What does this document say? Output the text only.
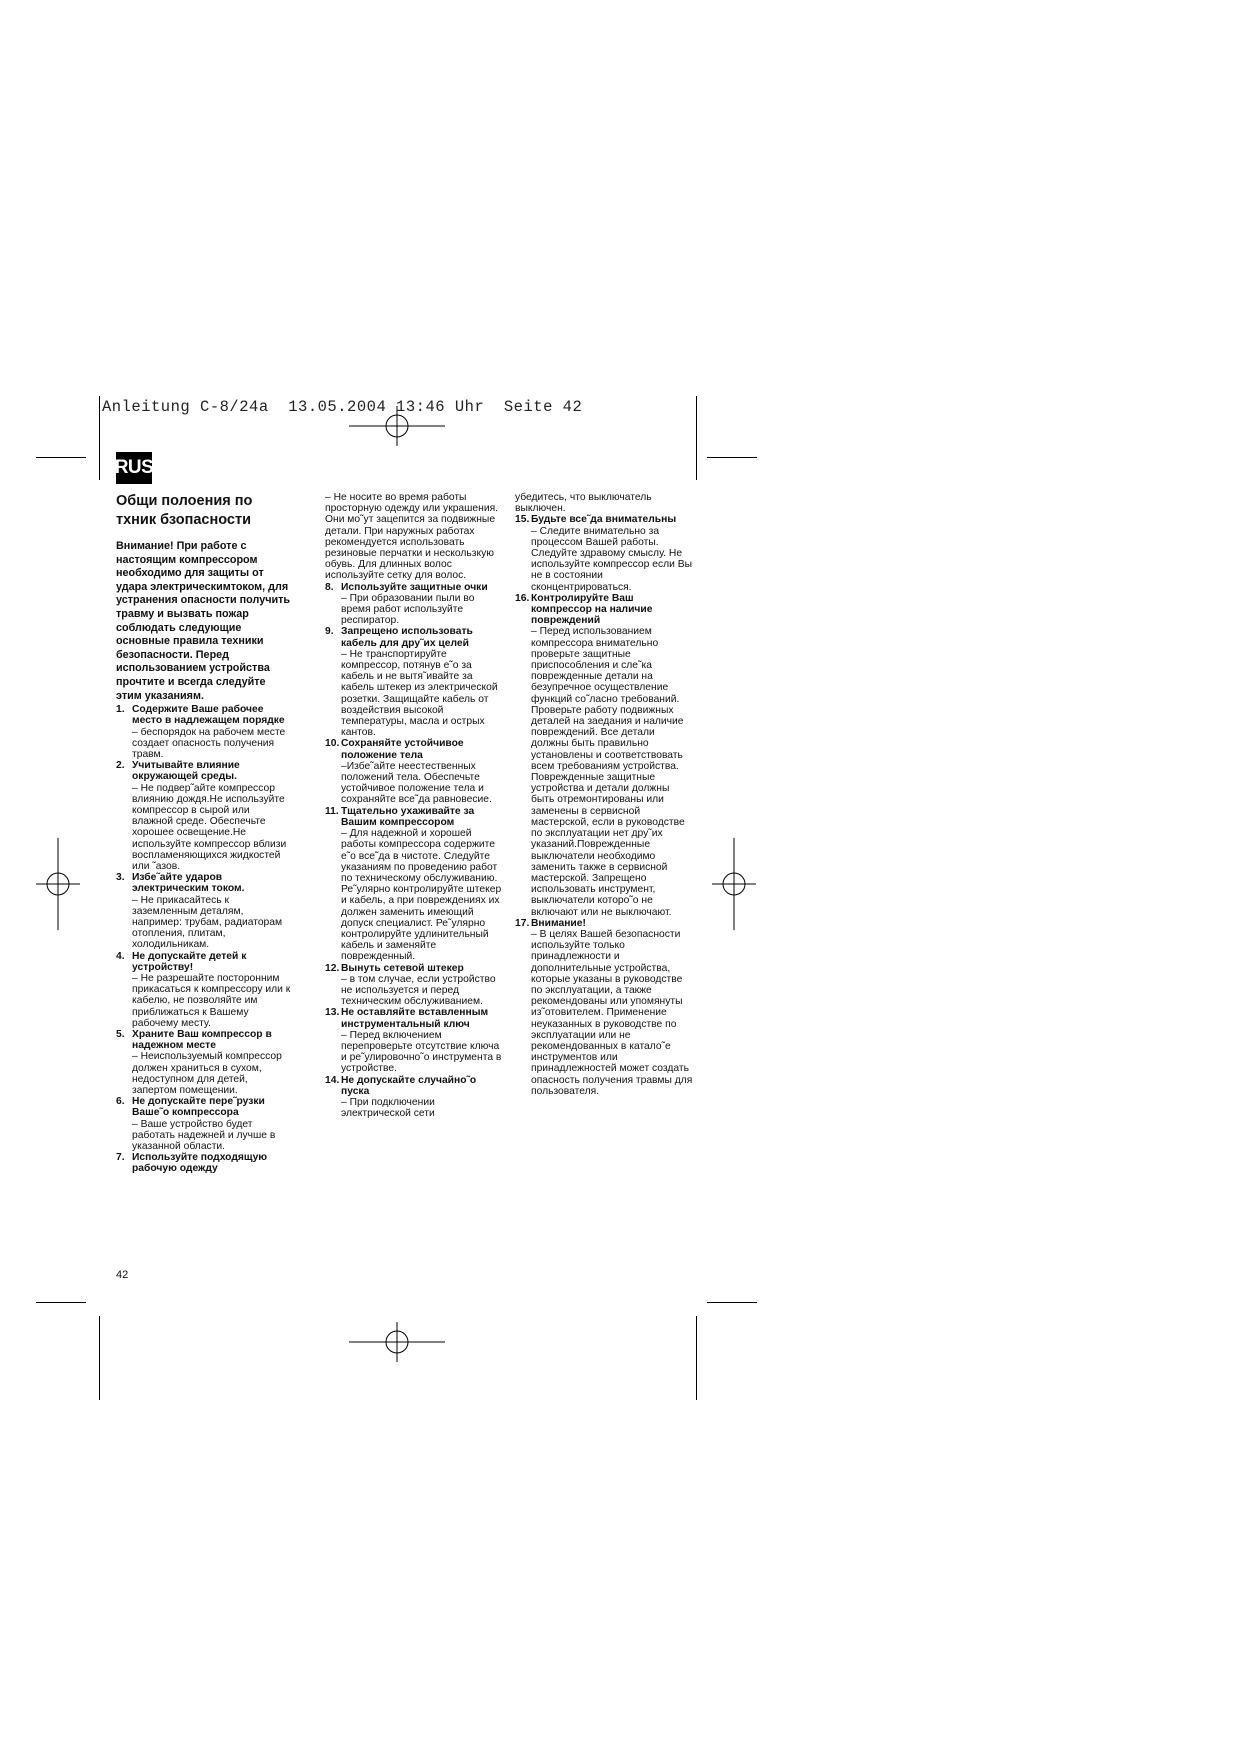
Anleitung C-8/24a  13.05.2004 13:46 Uhr  Seite 42
RUS
Общи полоения по тхник бзопасности
Внимание! При работе с настоящим компрессором необходимо для защиты от удара электрическимтоком, для устранения опасности получить травму и вызвать пожар соблюдать следующие основные правила техники безопасности. Перед использованием устройства прочтите и всегда следуйте этим указаниям.
1. Содержите Ваше рабочее место в надлежащем порядке
– беспорядок на рабочем месте создает опасность получения травм.
2. Учитывайте влияние окружающей среды.
– Не подвер˜айте компрессор влиянию дождя.Не используйте компрессор в сырой или влажной среде. Обеспечьте хорошее освещение.Не используйте компрессор вблизи воспламеняющихся жидкостей или ˜азов.
3. Избе˜айте ударов электрическим током.
– Не прикасайтесь к заземленным деталям, например: трубам, радиаторам отопления, плитам, холодильникам.
4. Не допускайте детей к устройству!
– Не разрешайте посторонним прикасаться к компрессору или к кабелю, не позволяйте им приближаться к Вашему рабочему месту.
5. Храните Ваш компрессор в надежном месте
– Неиспользуемый компрессор должен храниться в сухом, недоступном для детей, запертом помещении.
6. Не допускайте пере˜рузки Ваше˜о компрессора
– Ваше устройство будет работать надежней и лучше в указанной области.
7. Используйте подходящую рабочую одежду
– Не носите во время работы просторную одежду или украшения. Они мо˜ут зацепится за подвижные детали. При наружных работах рекомендуется использовать резиновые перчатки и нескользкую обувь. Для длинных волос используйте сетку для волос.
8. Используйте защитные очки
– При образовании пыли во время работ используйте респиратор.
9. Запрещено использовать кабель для дру˜их целей
– Не транспортируйте компрессор, потянув е˜о за кабель и не вытя˜ивайте за кабель штекер из электрической розетки. Защищайте кабель от воздействия высокой температуры, масла и острых кантов.
10. Сохраняйте устойчивое положение тела
–Избе˜айте неестественных положений тела. Обеспечьте устойчивое положение тела и сохраняйте все˜да равновесие.
11. Тщательно ухаживайте за Вашим компрессором
– Для надежной и хорошей работы компрессора содержите е˜о все˜да в чистоте. Следуйте указаниям по проведению работ по техническому обслуживанию. Ре˜улярно контролируйте штекер и кабель, а при повреждениях их должен заменить имеющий допуск специалист. Ре˜улярно контролируйте удлинительный кабель и заменяйте поврежденный.
12. Вынуть сетевой штекер
– в том случае, если устройство не используется и перед техническим обслуживанием.
13. Не оставляйте вставленным инструментальный ключ
– Перед включением перепроверьте отсутствие ключа и ре˜улировочно˜о инструмента в устройстве.
14. Не допускайте случайно˜о пуска
– При подключении электрической сети
убедитесь, что выключатель выключен.
15. Будьте все˜да внимательны
– Следите внимательно за процессом Вашей работы. Следуйте здравому смыслу. Не используйте компрессор если Вы не в состоянии сконцентрироваться.
16. Контролируйте Ваш компрессор на наличие повреждений
– Перед использованием компрессора внимательно проверьте защитные приспособления и сле˜ка поврежденные детали на безупречное осуществление функций со˜ласно требований. Проверьте работу подвижных деталей на заедания и наличие повреждений. Все детали должны быть правильно установлены и соответствовать всем требованиям устройства. Поврежденные защитные устройства и детали должны быть отремонтированы или заменены в сервисной мастерской, если в руководстве по эксплуатации нет дру˜их указаний.Поврежденные выключатели необходимо заменить также в сервисной мастерской. Запрещено использовать инструмент, выключатели которо˜о не включают или не выключают.
17. Внимание!
– В целях Вашей безопасности используйте только принадлежности и дополнительные устройства, которые указаны в руководстве по эксплуатации, а также рекомендованы или упомянуты из˜отовителем. Применение неуказанных в руководстве по эксплуатации или не рекомендованных в катало˜е инструментов или принадлежностей может создать опасность получения травмы для пользователя.
42
